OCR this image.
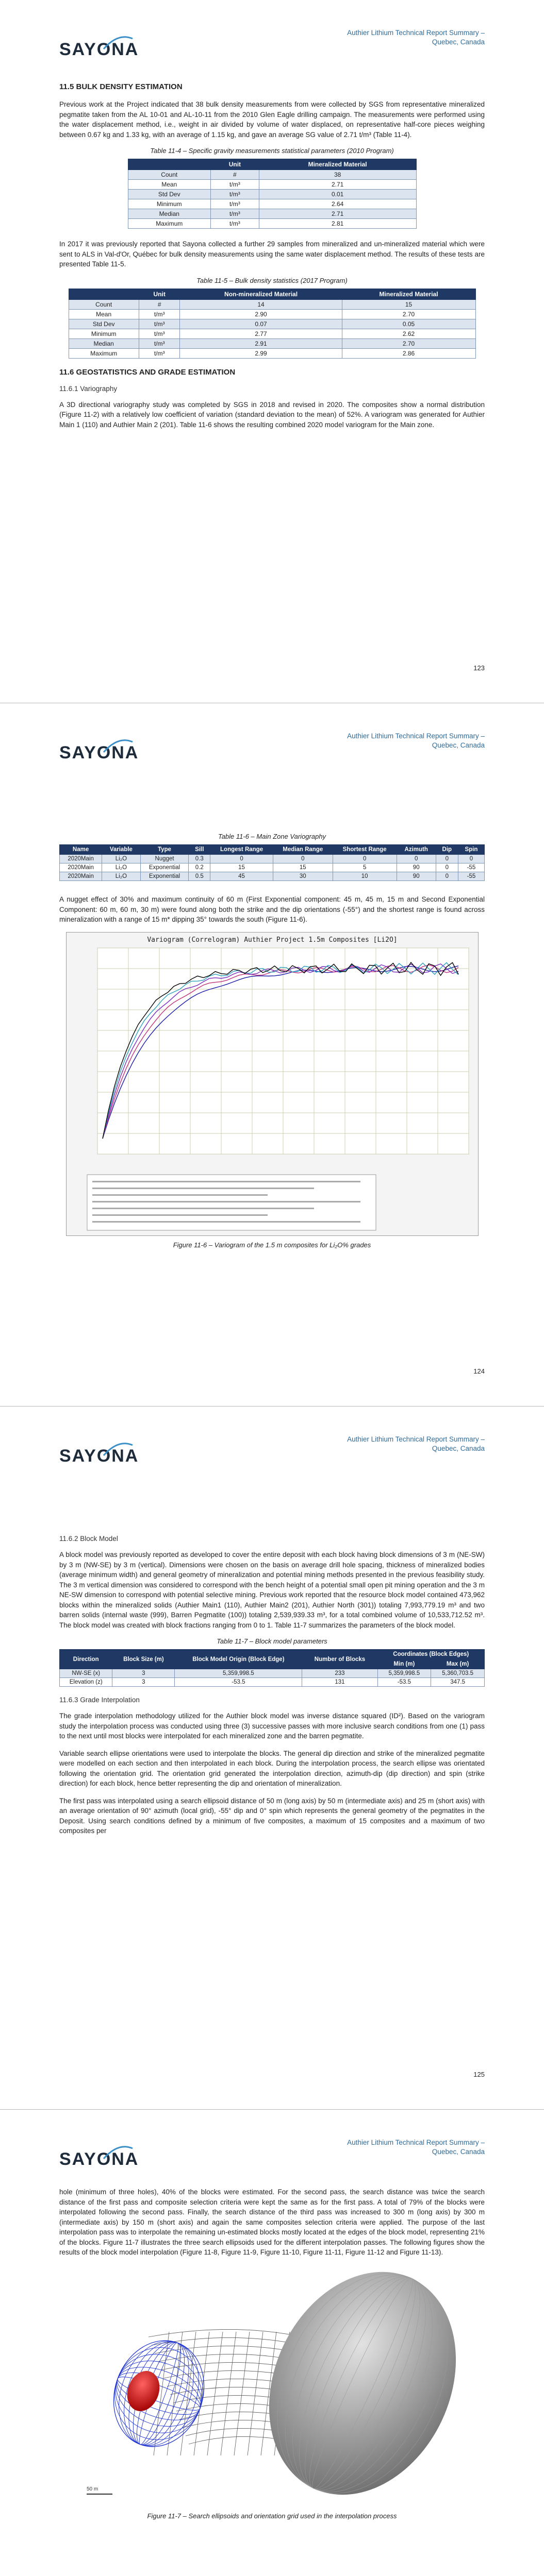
SAYONA
Authier Lithium Technical Report Summary –
Quebec, Canada
11.5 BULK DENSITY ESTIMATION

Previous work at the Project indicated that 38 bulk density measurements from were collected by SGS from representative mineralized pegmatite taken from the AL 10-01 and AL-10-11 from the 2010 Glen Eagle drilling campaign. The measurements were performed using the water displacement method, i.e., weight in air divided by volume of water displaced, on representative half-core pieces weighing between 0.67 kg and 1.33 kg, with an average of 1.15 kg, and gave an average SG value of 2.71 t/m³ (Table 11-4).

Table 11-4 – Specific gravity measurements statistical parameters (2010 Program)
	Unit	Mineralized Material
Count	#	38
Mean	t/m³	2.71
Std Dev	t/m³	0.01
Minimum	t/m³	2.64
Median	t/m³	2.71
Maximum	t/m³	2.81

In 2017 it was previously reported that Sayona collected a further 29 samples from mineralized and un-mineralized material which were sent to ALS in Val-d'Or, Québec for bulk density measurements using the same water displacement method. The results of these tests are presented Table 11-5.

Table 11-5 – Bulk density statistics (2017 Program)
	Unit	Non-mineralized Material	Mineralized Material
Count	#	14	15
Mean	t/m³	2.90	2.70
Std Dev	t/m³	0.07	0.05
Minimum	t/m³	2.77	2.62
Median	t/m³	2.91	2.70
Maximum	t/m³	2.99	2.86
11.6 GEOSTATISTICS AND GRADE ESTIMATION
11.6.1 Variography

A 3D directional variography study was completed by SGS in 2018 and revised in 2020. The composites show a normal distribution (Figure 11-2) with a relatively low coefficient of variation (standard deviation to the mean) of 52%. A variogram was generated for Authier Main 1 (110) and Authier Main 2 (201). Table 11-6 shows the resulting combined 2020 model variogram for the Main zone.

123
SAYONA
Authier Lithium Technical Report Summary –
Quebec, Canada
Table 11-6 – Main Zone Variography
Name	Variable	Type	Sill	Longest Range	Median Range	Shortest Range	Azimuth	Dip	Spin
2020Main	Li₂O	Nugget	0.3	0	0	0	0	0	0
2020Main	Li₂O	Exponential	0.2	15	15	5	90	0	-55
2020Main	Li₂O	Exponential	0.5	45	30	10	90	0	-55

A nugget effect of 30% and maximum continuity of 60 m (First Exponential component: 45 m, 45 m, 15 m and Second Exponential Component: 60 m, 60 m, 30 m) were found along both the strike and the dip orientations (-55°) and the shortest range is found across mineralization with a range of 15 m* dipping 35° towards the south (Figure 11-6).

Variogram (Correlogram) Authier Project 1.5m Composites [Li2O]
Figure 11-6 – Variogram of the 1.5 m composites for Li₂O% grades
124
SAYONA
Authier Lithium Technical Report Summary –
Quebec, Canada
11.6.2 Block Model

A block model was previously reported as developed to cover the entire deposit with each block having block dimensions of 3 m (NE-SW) by 3 m (NW-SE) by 3 m (vertical). Dimensions were chosen on the basis on average drill hole spacing, thickness of mineralized bodies (average minimum width) and general geometry of mineralization and potential mining methods presented in the previous feasibility study. The 3 m vertical dimension was considered to correspond with the bench height of a potential small open pit mining operation and the 3 m NE-SW dimension to correspond with potential selective mining. Previous work reported that the resource block model contained 473,962 blocks within the mineralized solids (Authier Main1 (110), Authier Main2 (201), Authier North (301)) totaling 7,993,779.19 m³ and two barren solids (internal waste (999), Barren Pegmatite (100)) totaling 2,539,939.33 m³, for a total combined volume of 10,533,712.52 m³. The block model was created with block fractions ranging from 0 to 1. Table 11-7 summarizes the parameters of the block model.

Table 11-7 – Block model parameters
Direction	Block Size (m)	Block Model Origin (Block Edge)	Number of Blocks	Coordinates (Block Edges)	
				Min (m)	Max (m)
NW-SE (x)	3	5,359,998.5	233	5,359,998.5	5,360,703.5
Elevation (z)	3	-53.5	131	-53.5	347.5
11.6.3 Grade Interpolation

The grade interpolation methodology utilized for the Authier block model was inverse distance squared (ID²). Based on the variogram study the interpolation process was conducted using three (3) successive passes with more inclusive search conditions from one (1) pass to the next until most blocks were interpolated for each mineralized zone and the barren pegmatite.

Variable search ellipse orientations were used to interpolate the blocks. The general dip direction and strike of the mineralized pegmatite were modelled on each section and then interpolated in each block. During the interpolation process, the search ellipse was orientated following the orientation grid. The orientation grid generated the interpolation direction, azimuth-dip (dip direction) and spin (strike direction) for each block, hence better representing the dip and orientation of mineralization.

The first pass was interpolated using a search ellipsoid distance of 50 m (long axis) by 50 m (intermediate axis) and 25 m (short axis) with an average orientation of 90° azimuth (local grid), -55° dip and 0° spin which represents the general geometry of the pegmatites in the Deposit. Using search conditions defined by a minimum of five composites, a maximum of 15 composites and a maximum of two composites per

125
SAYONA
Authier Lithium Technical Report Summary –
Quebec, Canada

hole (minimum of three holes), 40% of the blocks were estimated. For the second pass, the search distance was twice the search distance of the first pass and composite selection criteria were kept the same as for the first pass. A total of 79% of the blocks were interpolated following the second pass. Finally, the search distance of the third pass was increased to 300 m (long axis) by 300 m (intermediate axis) by 150 m (short axis) and again the same composites selection criteria were applied. The purpose of the last interpolation pass was to interpolate the remaining un-estimated blocks mostly located at the edges of the block model, representing 21% of the blocks. Figure 11-7 illustrates the three search ellipsoids used for the different interpolation passes. The following figures show the results of the block model interpolation (Figure 11-8, Figure 11-9, Figure 11-10, Figure 11-11, Figure 11-12 and Figure 11-13).

50 m
Figure 11-7 – Search ellipsoids and orientation grid used in the interpolation process
